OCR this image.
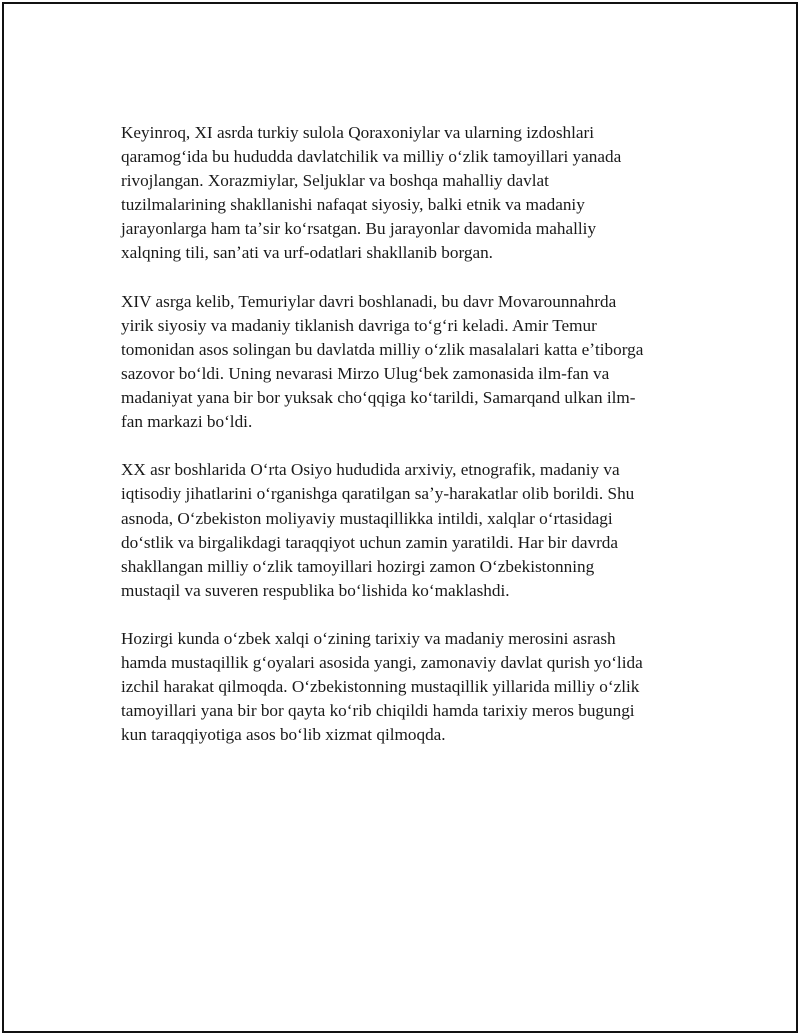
Keyinroq, XI asrda turkiy sulola Qoraxoniylar va ularning izdoshlari
qaramogʻida bu hududda davlatchilik va milliy oʻzlik tamoyillari yanada
rivojlangan. Xorazmiylar, Seljuklar va boshqa mahalliy davlat
tuzilmalarining shakllanishi nafaqat siyosiy, balki etnik va madaniy
jarayonlarga ham taʼsir koʻrsatgan. Bu jarayonlar davomida mahalliy
xalqning tili, sanʼati va urf-odatlari shakllanib borgan.

XIV asrga kelib, Temuriylar davri boshlanadi, bu davr Movarounnahrda
yirik siyosiy va madaniy tiklanish davriga toʻgʻri keladi. Amir Temur
tomonidan asos solingan bu davlatda milliy oʻzlik masalalari katta eʼtiborga
sazovor boʻldi. Uning nevarasi Mirzo Ulugʻbek zamonasida ilm-fan va
madaniyat yana bir bor yuksak choʻqqiga koʻtarildi, Samarqand ulkan ilm-
fan markazi boʻldi.

XX asr boshlarida Oʻrta Osiyo hududida arxiviy, etnografik, madaniy va
iqtisodiy jihatlarini oʻrganishga qaratilgan saʼy-harakatlar olib borildi. Shu
asnoda, Oʻzbekiston moliyaviy mustaqillikka intildi, xalqlar oʻrtasidagi
doʻstlik va birgalikdagi taraqqiyot uchun zamin yaratildi. Har bir davrda
shakllangan milliy oʻzlik tamoyillari hozirgi zamon Oʻzbekistonning
mustaqil va suveren respublika boʻlishida koʻmaklashdi.

Hozirgi kunda oʻzbek xalqi oʻzining tarixiy va madaniy merosini asrash
hamda mustaqillik gʻoyalari asosida yangi, zamonaviy davlat qurish yoʻlida
izchil harakat qilmoqda. Oʻzbekistonning mustaqillik yillarida milliy oʻzlik
tamoyillari yana bir bor qayta koʻrib chiqildi hamda tarixiy meros bugungi
kun taraqqiyotiga asos boʻlib xizmat qilmoqda.
